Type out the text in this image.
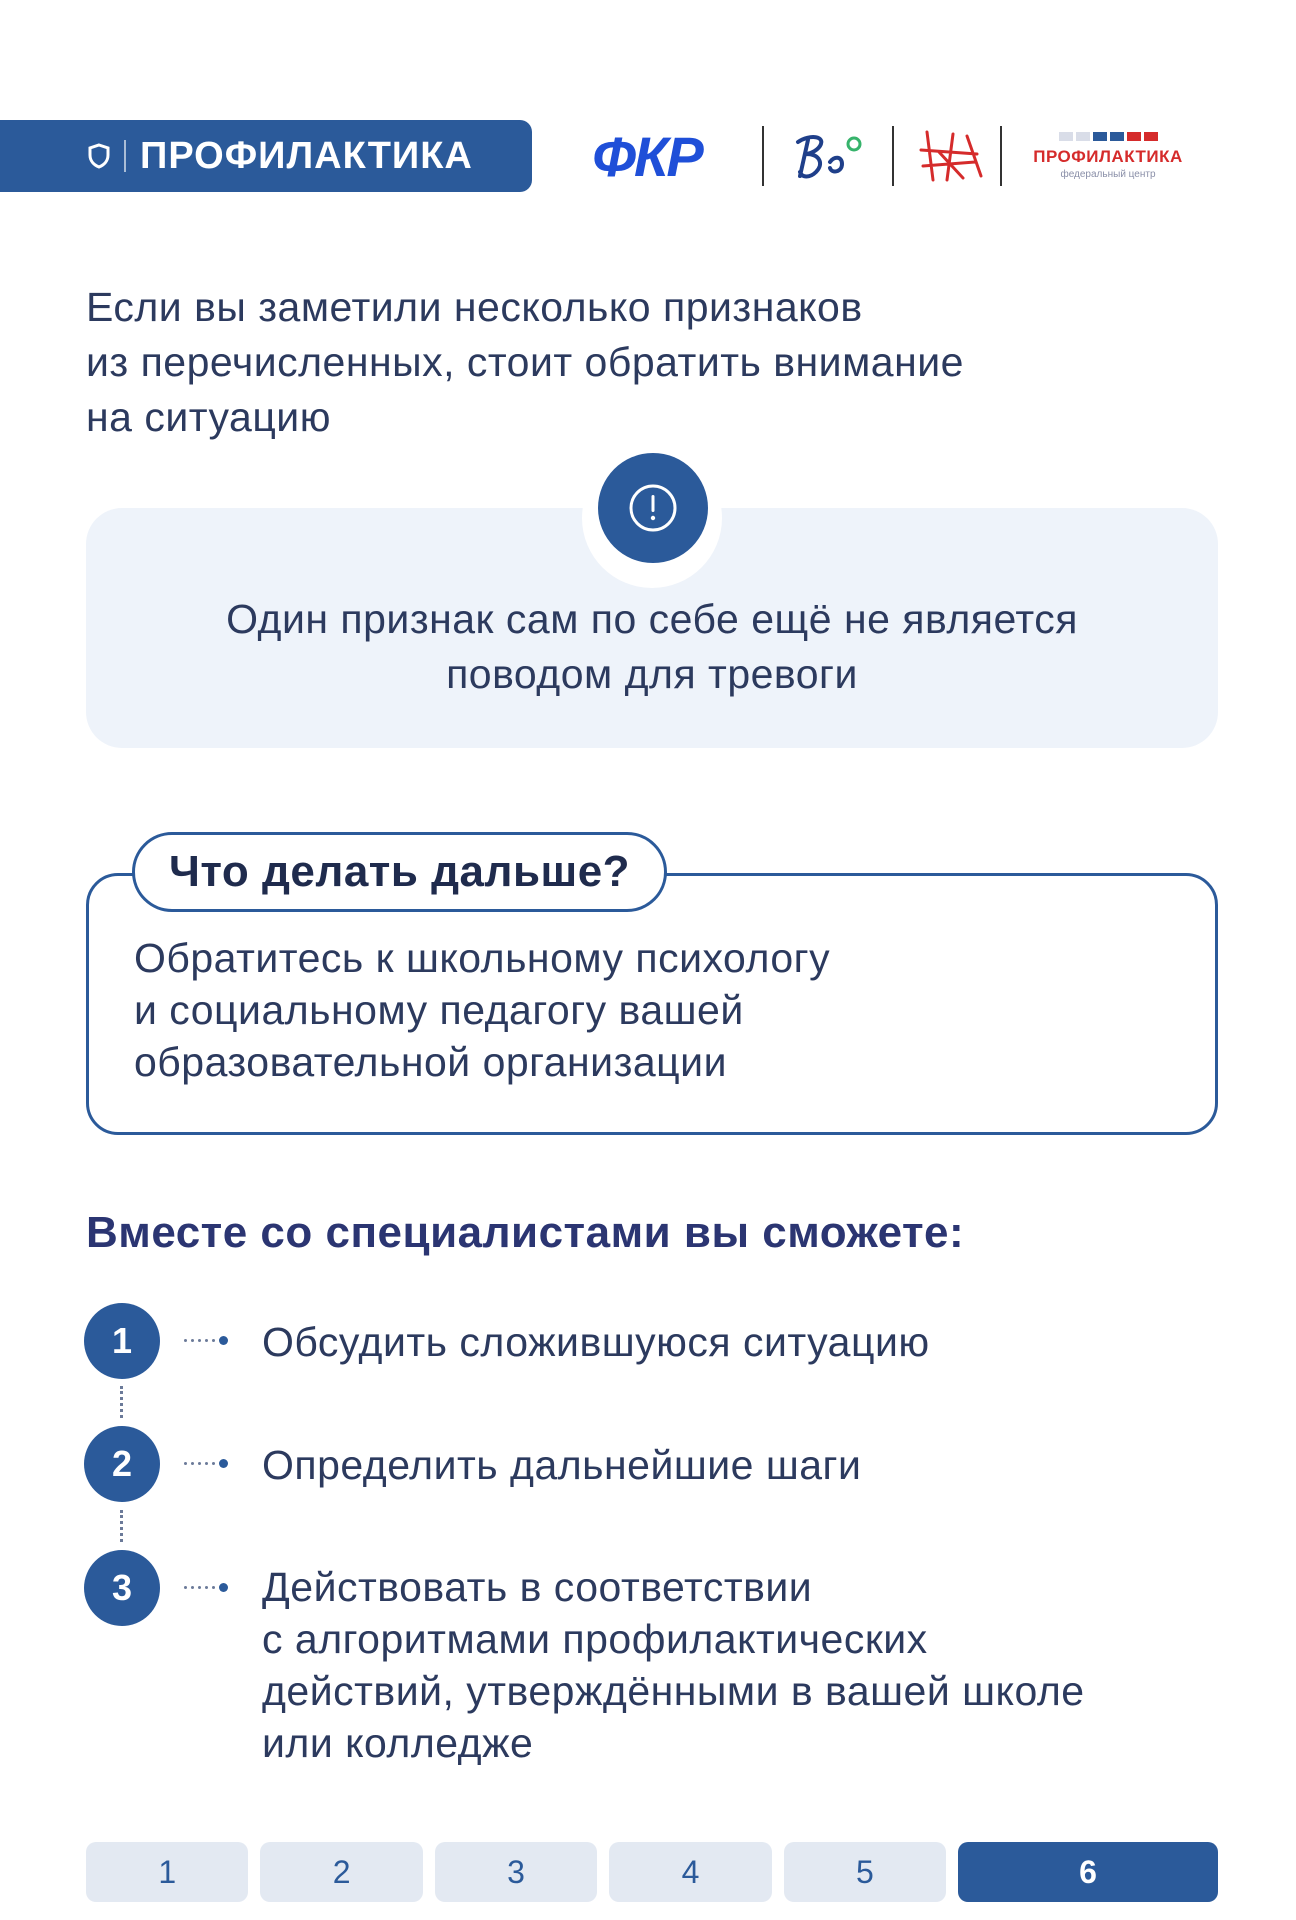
ПРОФИЛАКТИКА ФКР	ПРОФИЛАКТИКА
федеральный центр

Если вы заметили несколько признаков

из перечисленных, стоит обратить внимание

на ситуацию

Один признак сам по себе ещё не является

поводом для тревоги

Что делать дальше?

Обратитесь к школьному психологу

и социальному педагогу вашей

образовательной организации

Вместе со специалистами вы сможете:
1	Обсудить сложившуюся ситуацию

2	Определить дальнейшие шаги

3	Действовать в соответствии

с алгоритмами профилактических

действий, утверждёнными в вашей школе

или колледже

1	2	3	4	5	6
